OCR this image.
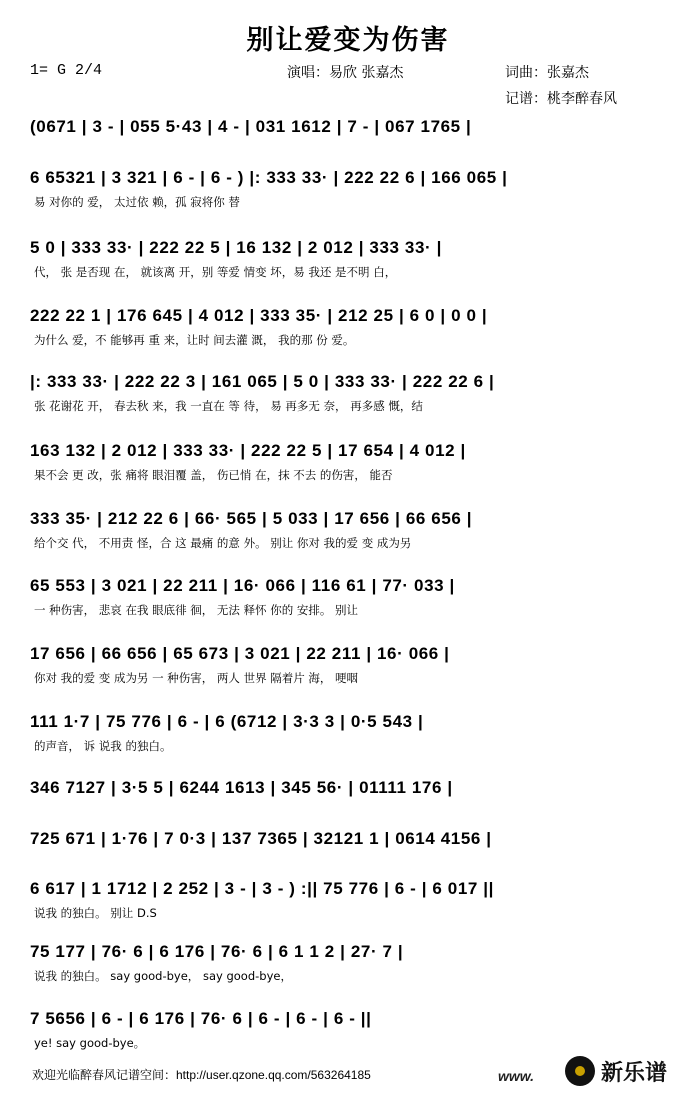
别让爱变为伤害
1= G 2/4	演唱：易欣 张嘉杰	词曲：张嘉杰
记谱：桃李醉春风
(0671 | 3 - | 055 5·43 | 4 - | 031 1612 | 7 - | 067 1765 |
6 65321 | 3 321 | 6 - | 6 - ) |: 333 33· | 222 22 6 | 166 065 |
易 对你的 爱， 太过依 赖，孤 寂将你 替
5 0 | 333 33· | 222 22 5 | 16 132 | 2 012 | 333 33· |
代， 张 是否现 在， 就该离 开，别 等爱 情变 坏，易 我还 是不明 白，
222 22 1 | 176 645 | 4 012 | 333 35· | 212 25 | 6 0 | 0 0 |
为什么 爱，不 能够再 重 来，让时 间去灌 溉， 我的那 份 爱。
|: 333 33· | 222 22 3 | 161 065 | 5 0 | 333 33· | 222 22 6 |
张 花谢花 开， 春去秋 来，我 一直在 等 待， 易 再多无 奈， 再多感 慨，结
163 132 | 2 012 | 333 33· | 222 22 5 | 17 654 | 4 012 |
果不会 更 改，张 痛将 眼泪覆 盖， 伤已悄 在，抹 不去 的伤害， 能否
333 35· | 212 22 6 | 66· 565 | 5 033 | 17 656 | 66 656 |
给个交 代， 不用责 怪，合 这 最痛 的意 外。 别让 你对 我的爱 变 成为另
65 553 | 3 021 | 22 211 | 16· 066 | 116 61 | 77· 033 |
一 种伤害， 悲哀 在我 眼底徘 徊， 无法 释怀 你的 安排。 别让
17 656 | 66 656 | 65 673 | 3 021 | 22 211 | 16· 066 |
你对 我的爱 变 成为另 一 种伤害， 两人 世界 隔着片 海， 哽咽
111 1·7 | 75 776 | 6 - | 6 (6712 | 3·3 3 | 0·5 543 |
的声音， 诉 说我 的独白。
346 7127 | 3·5 5 | 6244 1613 | 345 56· | 01111 176 |
725 671 | 1·76 | 7 0·3 | 137 7365 | 32121 1 | 0614 4156 |
6 617 | 1 1712 | 2 252 | 3 - | 3 - ) :|| 75 776 | 6 - | 6 017 ||
说我 的独白。 别让 D.S
75 177 | 76· 6 | 6 176 | 76· 6 | 6 1 1 2 | 27· 7 |
说我 的独白。 say good-bye， say good-bye，
7 5656 | 6 - | 6 176 | 76· 6 | 6 - | 6 - | 6 - ||
ye! say good-bye。
欢迎光临醉春风记谱空间：http://user.qzone.qq.com/563264185	www.	新乐谱
